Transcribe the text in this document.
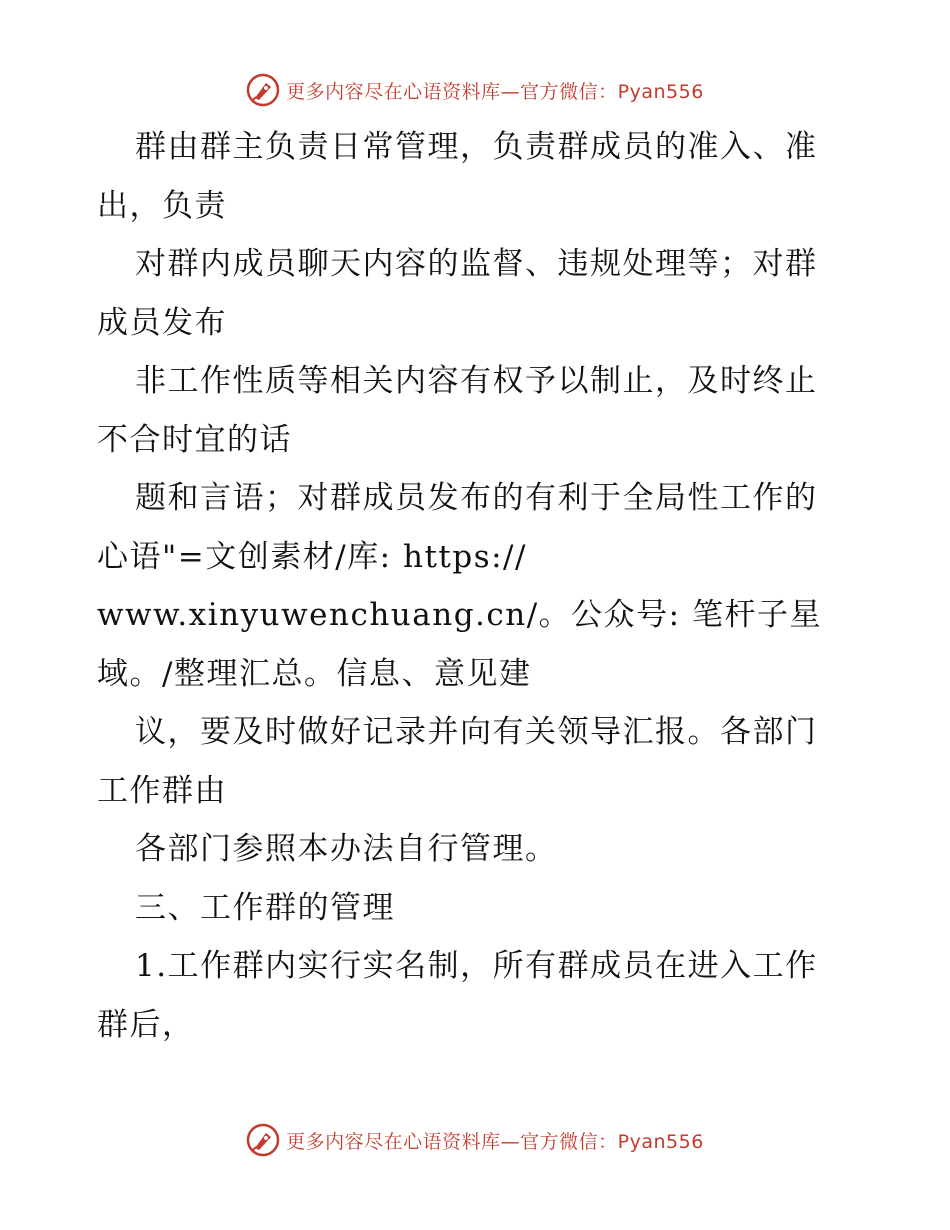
更多内容尽在心语资料库—官方微信：Pyan556
群由群主负责日常管理，负责群成员的准入、准
出，负责
对群内成员聊天内容的监督、违规处理等；对群
成员发布
非工作性质等相关内容有权予以制止，及时终止
不合时宜的话
题和言语；对群成员发布的有利于全局性工作的
心语"=文创素材/库: https://
www.xinyuwenchuang.cn/。公众号: 笔杆子星
域。/整理汇总。信息、意见建
议，要及时做好记录并向有关领导汇报。各部门
工作群由
各部门参照本办法自行管理。
三、工作群的管理
1.工作群内实行实名制，所有群成员在进入工作
群后，
更多内容尽在心语资料库—官方微信：Pyan556
